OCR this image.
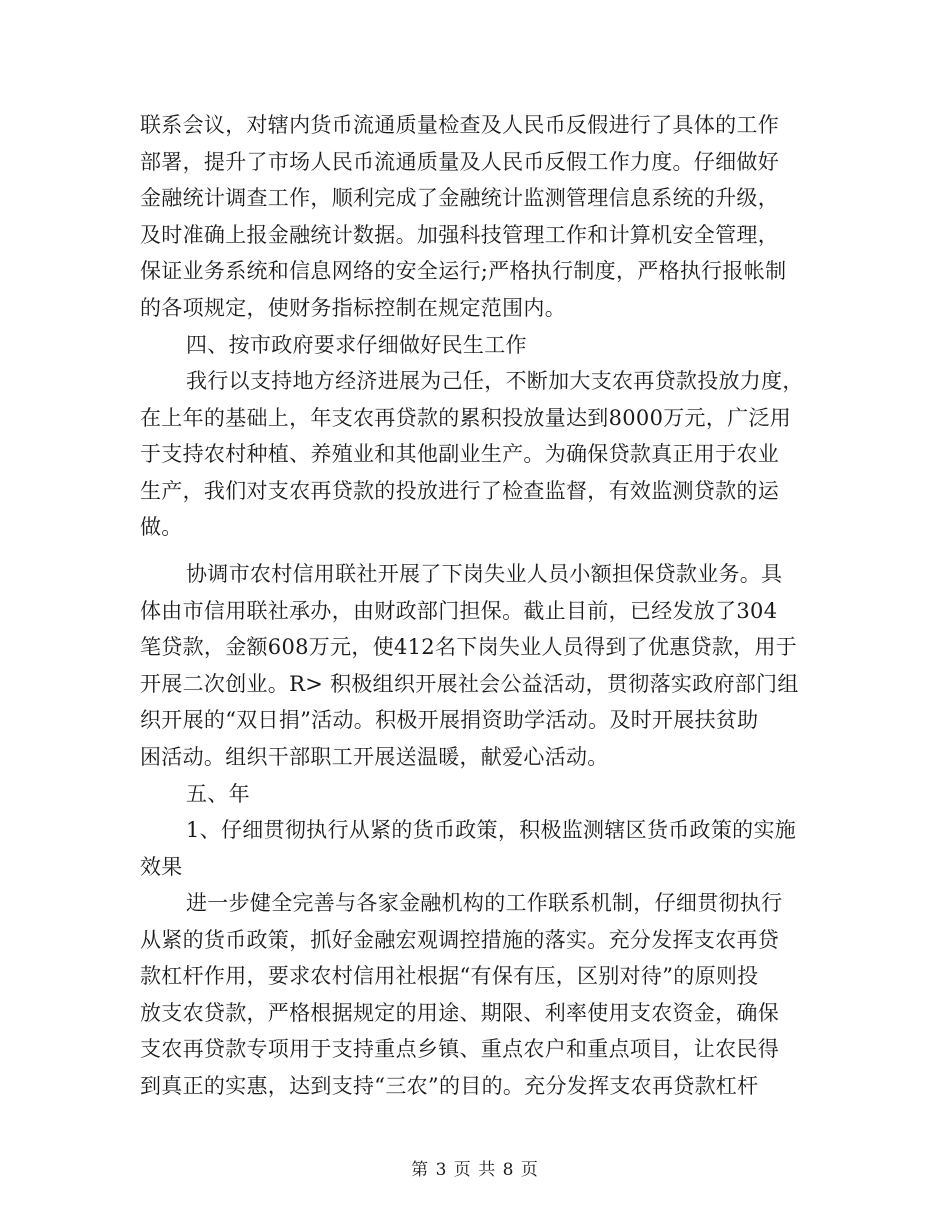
联系会议，对辖内货币流通质量检查及人民币反假进行了具体的工作
部署，提升了市场人民币流通质量及人民币反假工作力度。仔细做好
金融统计调查工作，顺利完成了金融统计监测管理信息系统的升级，
及时准确上报金融统计数据。加强科技管理工作和计算机安全管理，
保证业务系统和信息网络的安全运行;严格执行制度，严格执行报帐制
的各项规定，使财务指标控制在规定范围内。
四、按市政府要求仔细做好民生工作
我行以支持地方经济进展为己任，不断加大支农再贷款投放力度，
在上年的基础上，年支农再贷款的累积投放量达到8000万元，广泛用
于支持农村种植、养殖业和其他副业生产。为确保贷款真正用于农业
生产，我们对支农再贷款的投放进行了检查监督，有效监测贷款的运
做。
协调市农村信用联社开展了下岗失业人员小额担保贷款业务。具
体由市信用联社承办，由财政部门担保。截止目前，已经发放了304
笔贷款，金额608万元，使412名下岗失业人员得到了优惠贷款，用于
开展二次创业。R> 积极组织开展社会公益活动，贯彻落实政府部门组
织开展的“双日捐”活动。积极开展捐资助学活动。及时开展扶贫助
困活动。组织干部职工开展送温暖，献爱心活动。
五、年
1、仔细贯彻执行从紧的货币政策，积极监测辖区货币政策的实施
效果
进一步健全完善与各家金融机构的工作联系机制，仔细贯彻执行
从紧的货币政策，抓好金融宏观调控措施的落实。充分发挥支农再贷
款杠杆作用，要求农村信用社根据“有保有压，区别对待”的原则投
放支农贷款，严格根据规定的用途、期限、利率使用支农资金，确保
支农再贷款专项用于支持重点乡镇、重点农户和重点项目，让农民得
到真正的实惠，达到支持“三农”的目的。充分发挥支农再贷款杠杆
第 3 页 共 8 页
